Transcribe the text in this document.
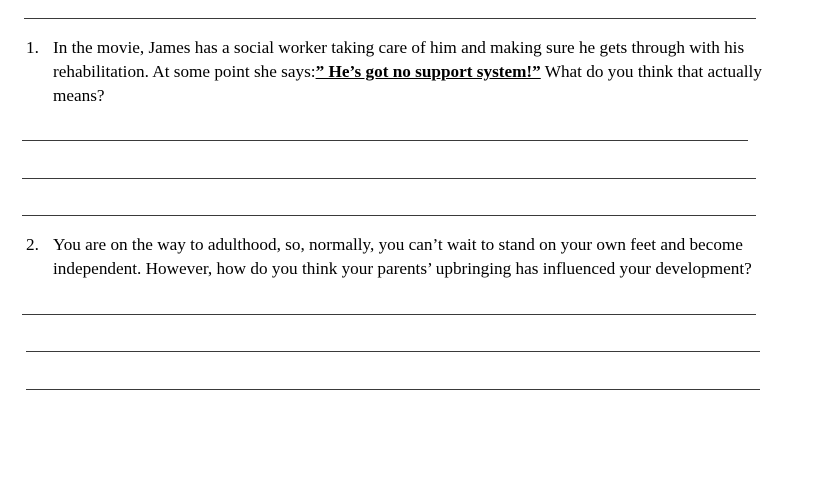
1. In the movie, James has a social worker taking care of him and making sure he gets through with his rehabilitation. At some point she says:” He’s got no support system!” What do you think that actually means?
2. You are on the way to adulthood, so, normally, you can’t wait to stand on your own feet and become independent. However, how do you think your parents’ upbringing has influenced your development?
